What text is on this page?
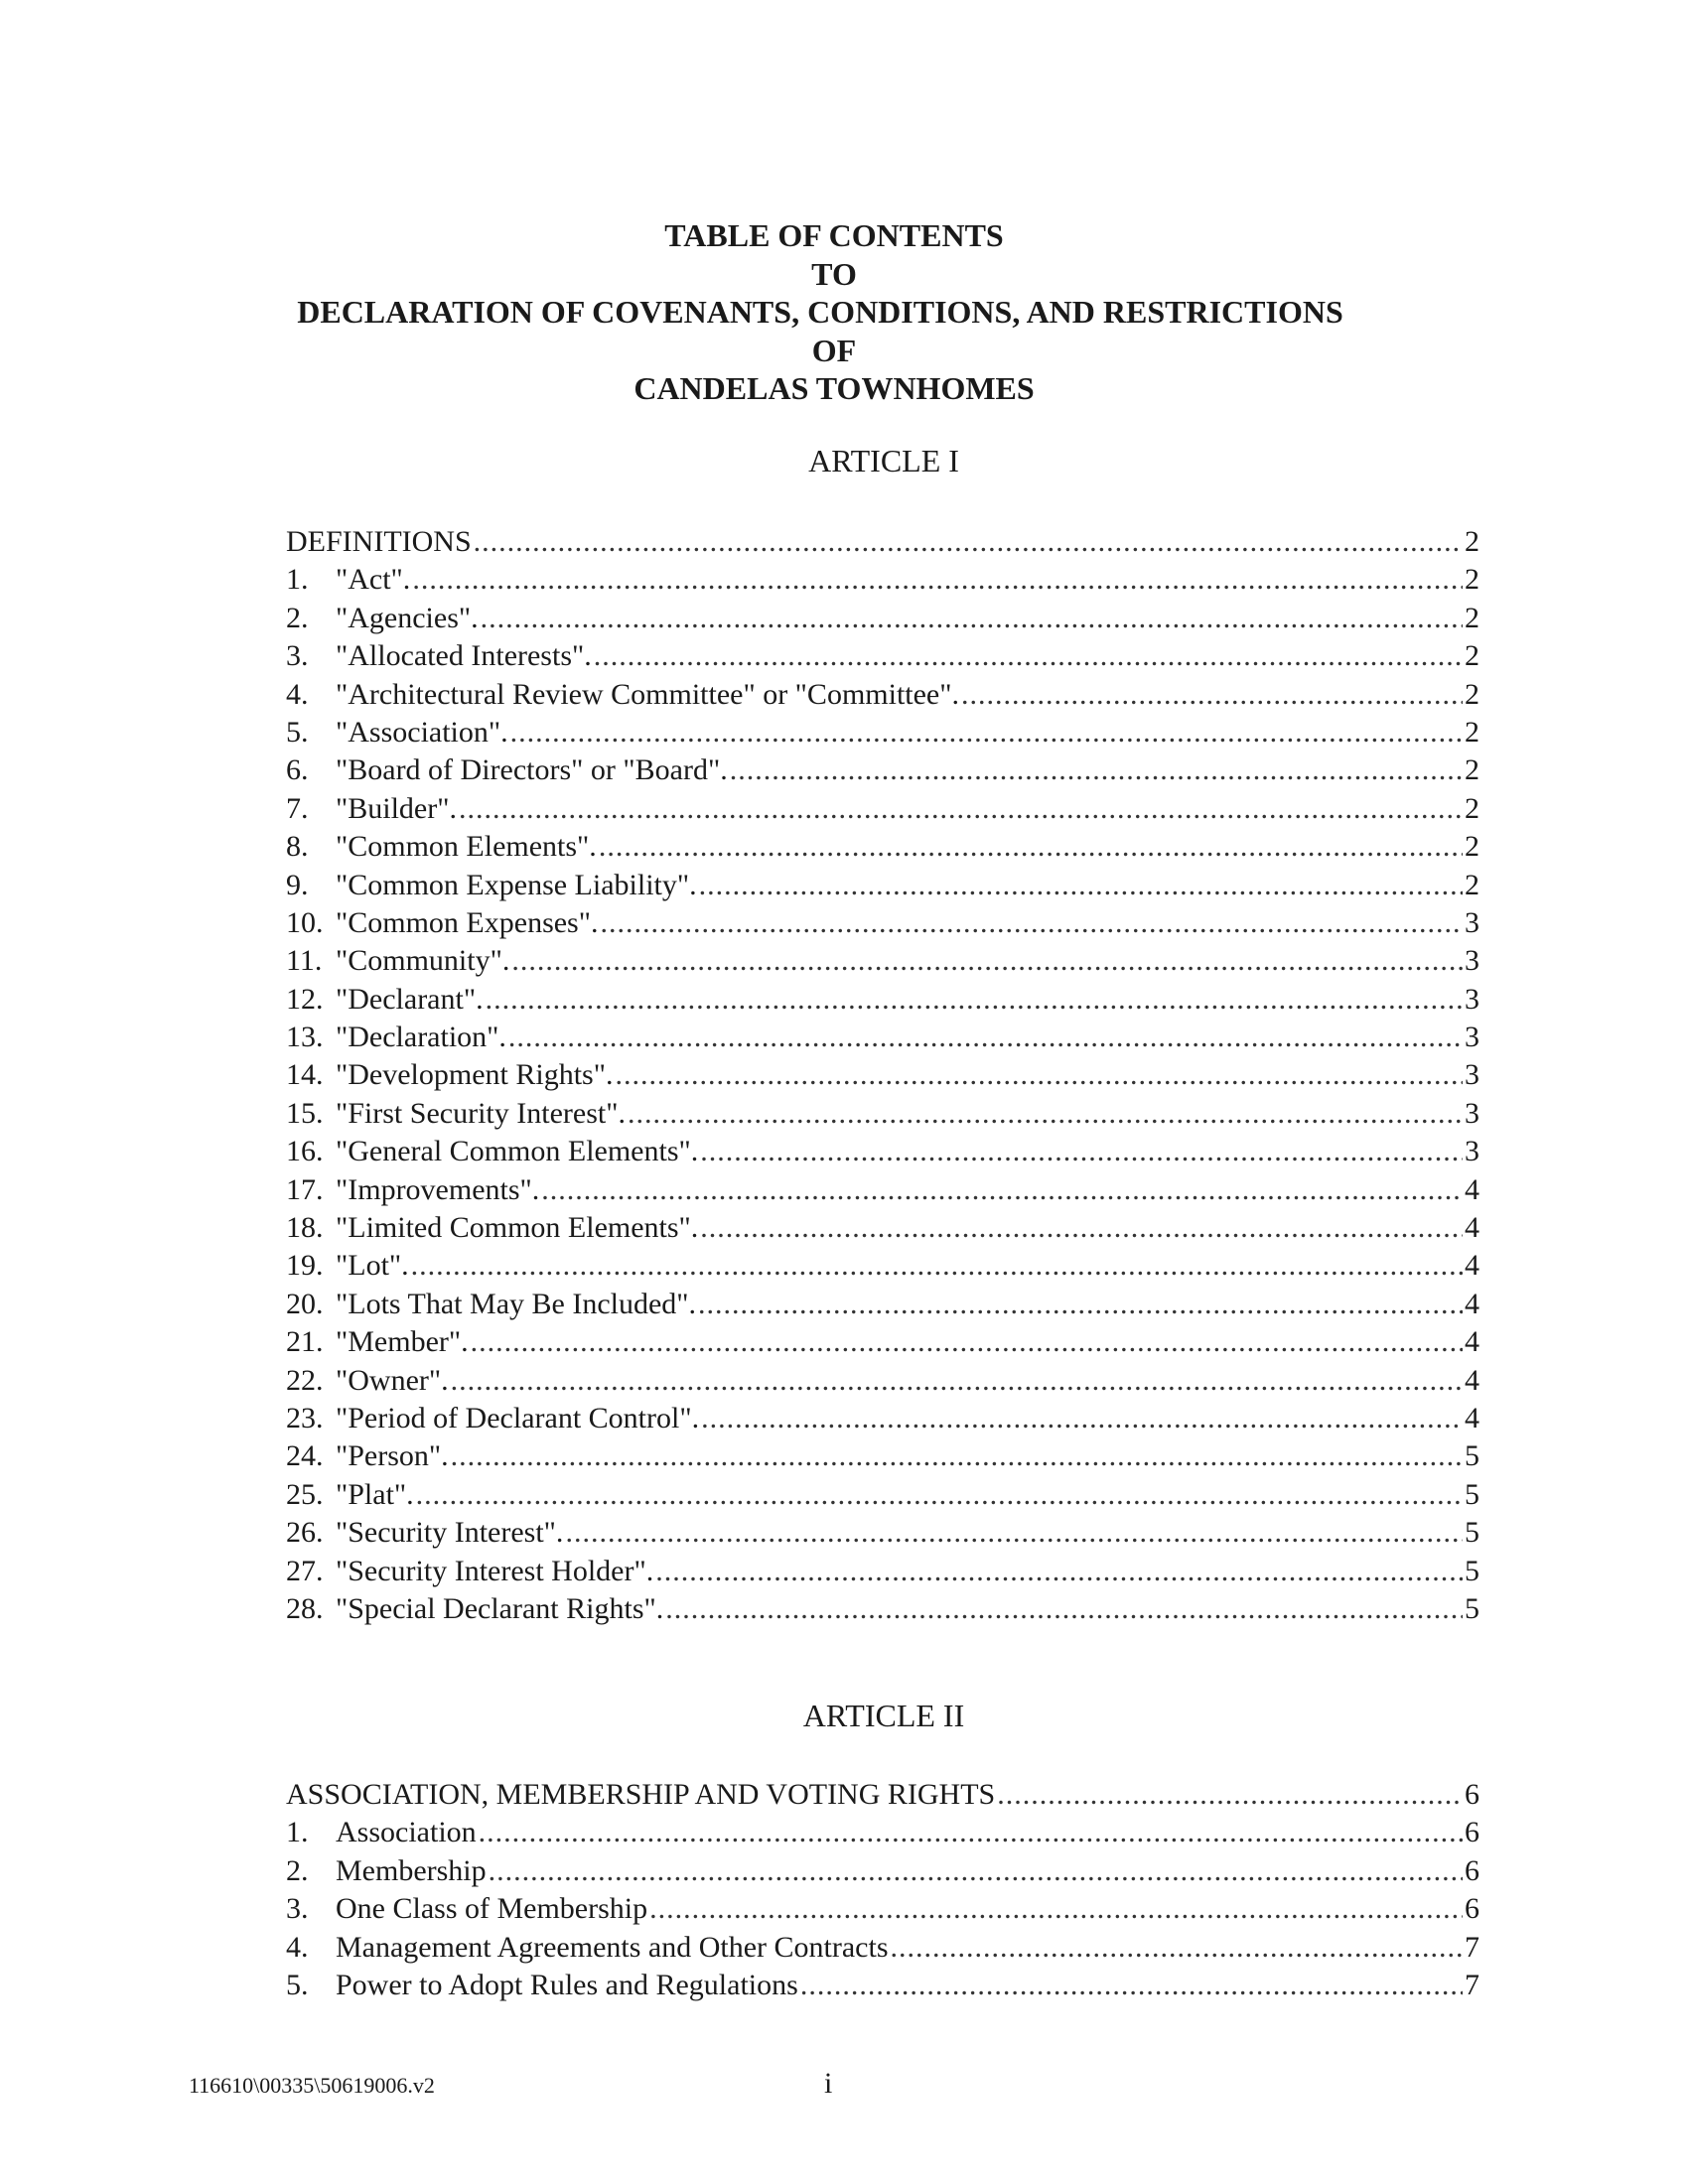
TABLE OF CONTENTS
TO
DECLARATION OF COVENANTS, CONDITIONS, AND RESTRICTIONS
OF
CANDELAS TOWNHOMES
ARTICLE I
DEFINITIONS .....	2
1. "Act". .....	2
2. "Agencies". .....	2
3. "Allocated Interests". .....	2
4. "Architectural Review Committee" or "Committee". .....	2
5. "Association". .....	2
6. "Board of Directors" or "Board". .....	2
7. "Builder". .....	2
8. "Common Elements". .....	2
9. "Common Expense Liability". .....	2
10. "Common Expenses". .....	3
11. "Community". .....	3
12. "Declarant". .....	3
13. "Declaration". .....	3
14. "Development Rights". .....	3
15. "First Security Interest". .....	3
16. "General Common Elements". .....	3
17. "Improvements". .....	4
18. "Limited Common Elements". .....	4
19. "Lot". .....	4
20. "Lots That May Be Included". .....	4
21. "Member". .....	4
22. "Owner". .....	4
23. "Period of Declarant Control". .....	4
24. "Person". .....	5
25. "Plat". .....	5
26. "Security Interest". .....	5
27. "Security Interest Holder". .....	5
28. "Special Declarant Rights". .....	5
ARTICLE II
ASSOCIATION, MEMBERSHIP AND VOTING RIGHTS .....	6
1. Association .....	6
2. Membership .....	6
3. One Class of Membership .....	6
4. Management Agreements and Other Contracts .....	7
5. Power to Adopt Rules and Regulations .....	7
116610\00335\50619006.v2	i
